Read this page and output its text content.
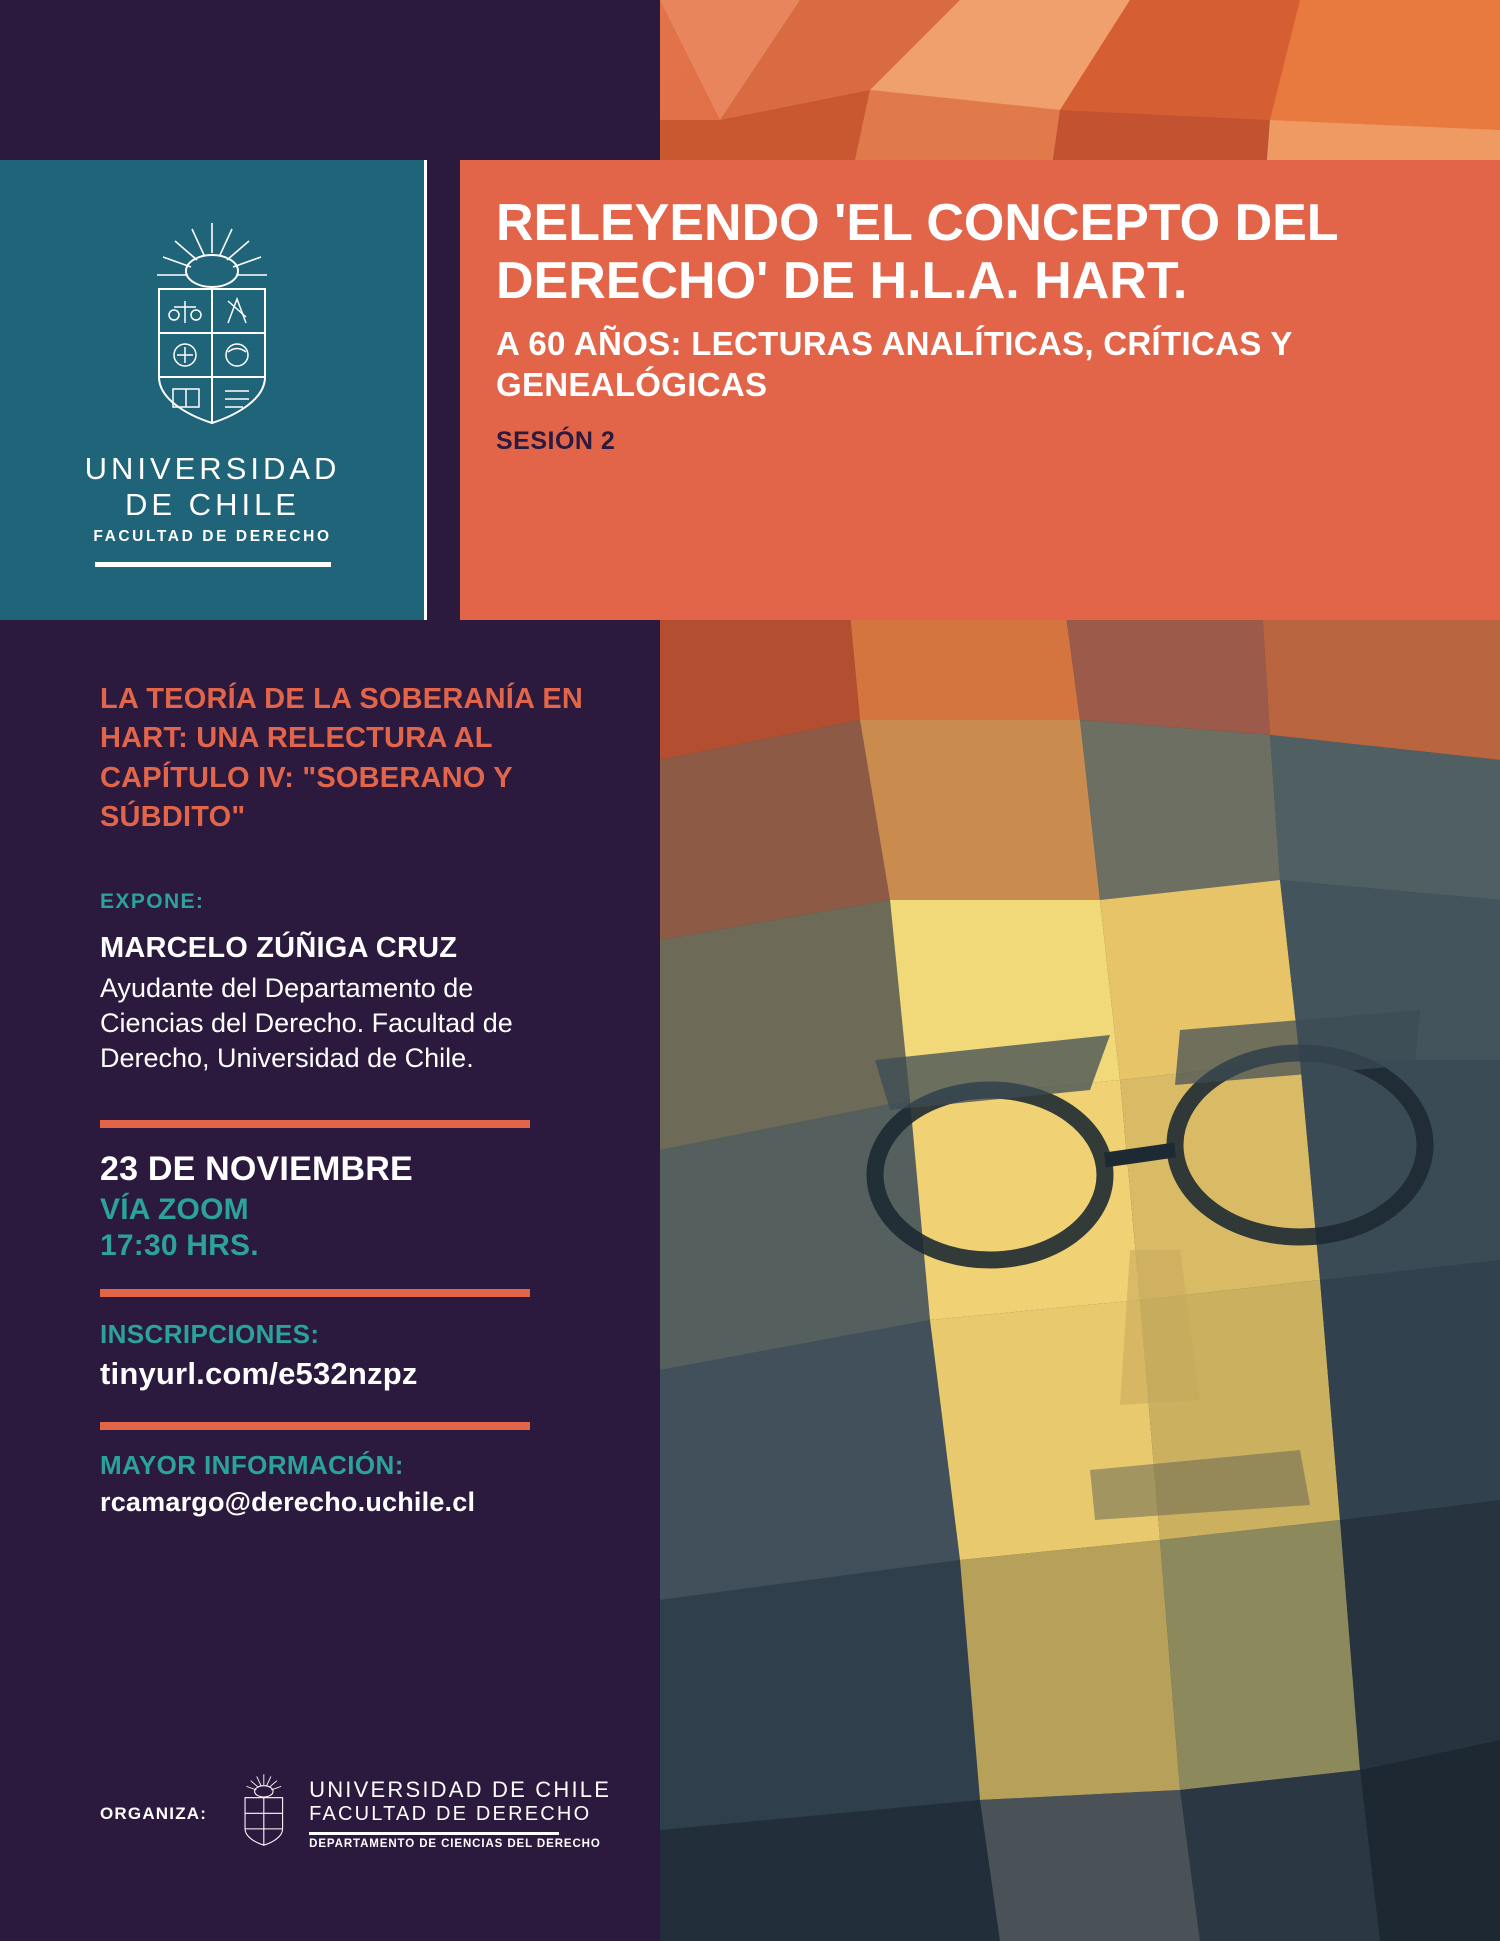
UNIVERSIDAD
DE CHILE
FACULTAD DE DERECHO
RELEYENDO 'EL CONCEPTO DEL DERECHO' DE H.L.A. HART.
A 60 AÑOS: LECTURAS ANALÍTICAS, CRÍTICAS Y GENEALÓGICAS
SESIÓN 2

LA TEORÍA DE LA SOBERANÍA EN HART: UNA RELECTURA AL CAPÍTULO IV: "SOBERANO Y SÚBDITO"

EXPONE:
MARCELO ZÚÑIGA CRUZ
Ayudante del Departamento de Ciencias del Derecho. Facultad de Derecho, Universidad de Chile.
23 DE NOVIEMBRE
VÍA ZOOM
17:30 HRS.
INSCRIPCIONES:
tinyurl.com/e532nzpz
MAYOR INFORMACIÓN:
rcamargo@derecho.uchile.cl
ORGANIZA:
UNIVERSIDAD DE CHILE
FACULTAD DE DERECHO
DEPARTAMENTO DE CIENCIAS DEL DERECHO
